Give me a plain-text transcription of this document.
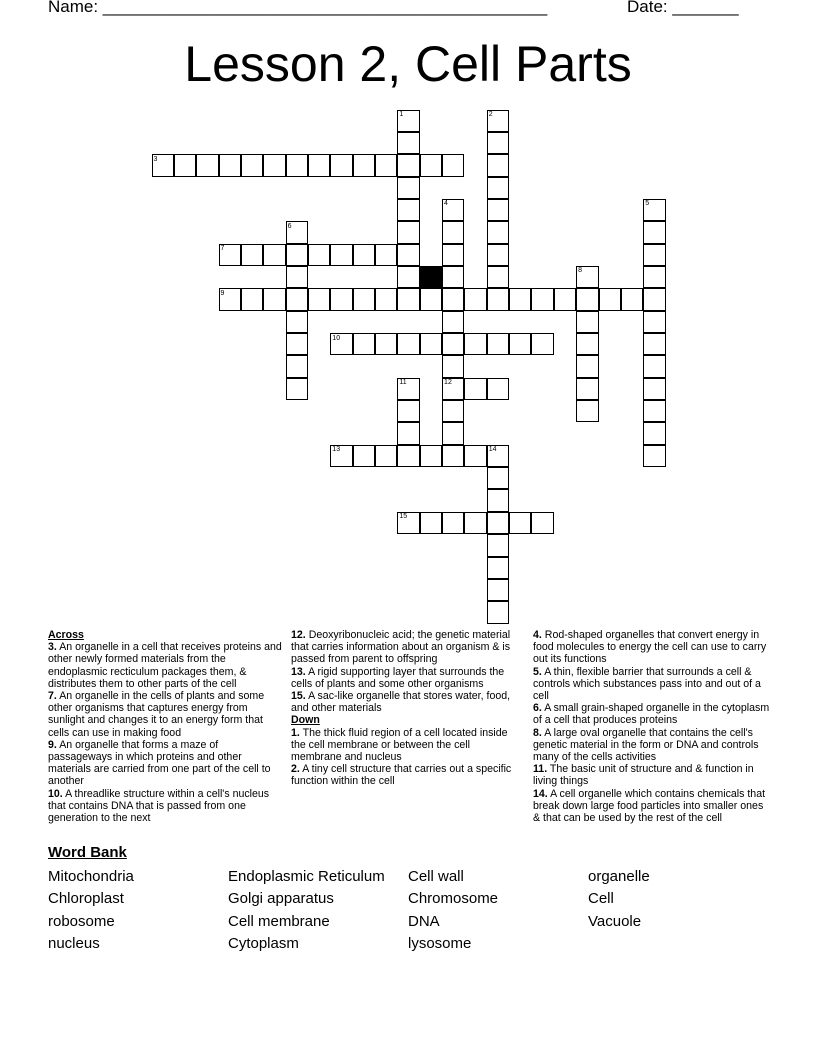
Name: _______________________________________________	Date: _______
Lesson 2, Cell Parts
3
7
9
10
12
13
15
1	2
4	5
6
8
11
14
Across
3. An organelle in a cell that receives proteins and other newly formed materials from the endoplasmic recticulum packages them, & distributes them to other parts of the cell
7. An organelle in the cells of plants and some other organisms that captures energy from sunlight and changes it to an energy form that cells can use in making food
9. An organelle that forms a maze of passageways in which proteins and other materials are carried from one part of the cell to another
10. A threadlike structure within a cell's nucleus that contains DNA that is passed from one generation to the next
12. Deoxyribonucleic acid; the genetic material that carries information about an organism & is passed from parent to offspring
13. A rigid supporting layer that surrounds the cells of plants and some other organisms
15. A sac-like organelle that stores water, food, and other materials
Down
1. The thick fluid region of a cell located inside the cell membrane or between the cell membrane and nucleus
2. A tiny cell structure that carries out a specific function within the cell
4. Rod-shaped organelles that convert energy in food molecules to energy the cell can use to carry out its functions
5. A thin, flexible barrier that surrounds a cell & controls which substances pass into and out of a cell
6. A small grain-shaped organelle in the cytoplasm of a cell that produces proteins
8. A large oval organelle that contains the cell's genetic material in the form or DNA and controls many of the cells activities
11. The basic unit of structure and & function in living things
14. A cell organelle which contains chemicals that break down large food particles into smaller ones & that can be used by the rest of the cell
Word Bank
Mitochondria
Chloroplast
robosome
nucleus
Endoplasmic Reticulum
Golgi apparatus
Cell membrane
Cytoplasm
Cell wall
Chromosome
DNA
lysosome
organelle
Cell
Vacuole
